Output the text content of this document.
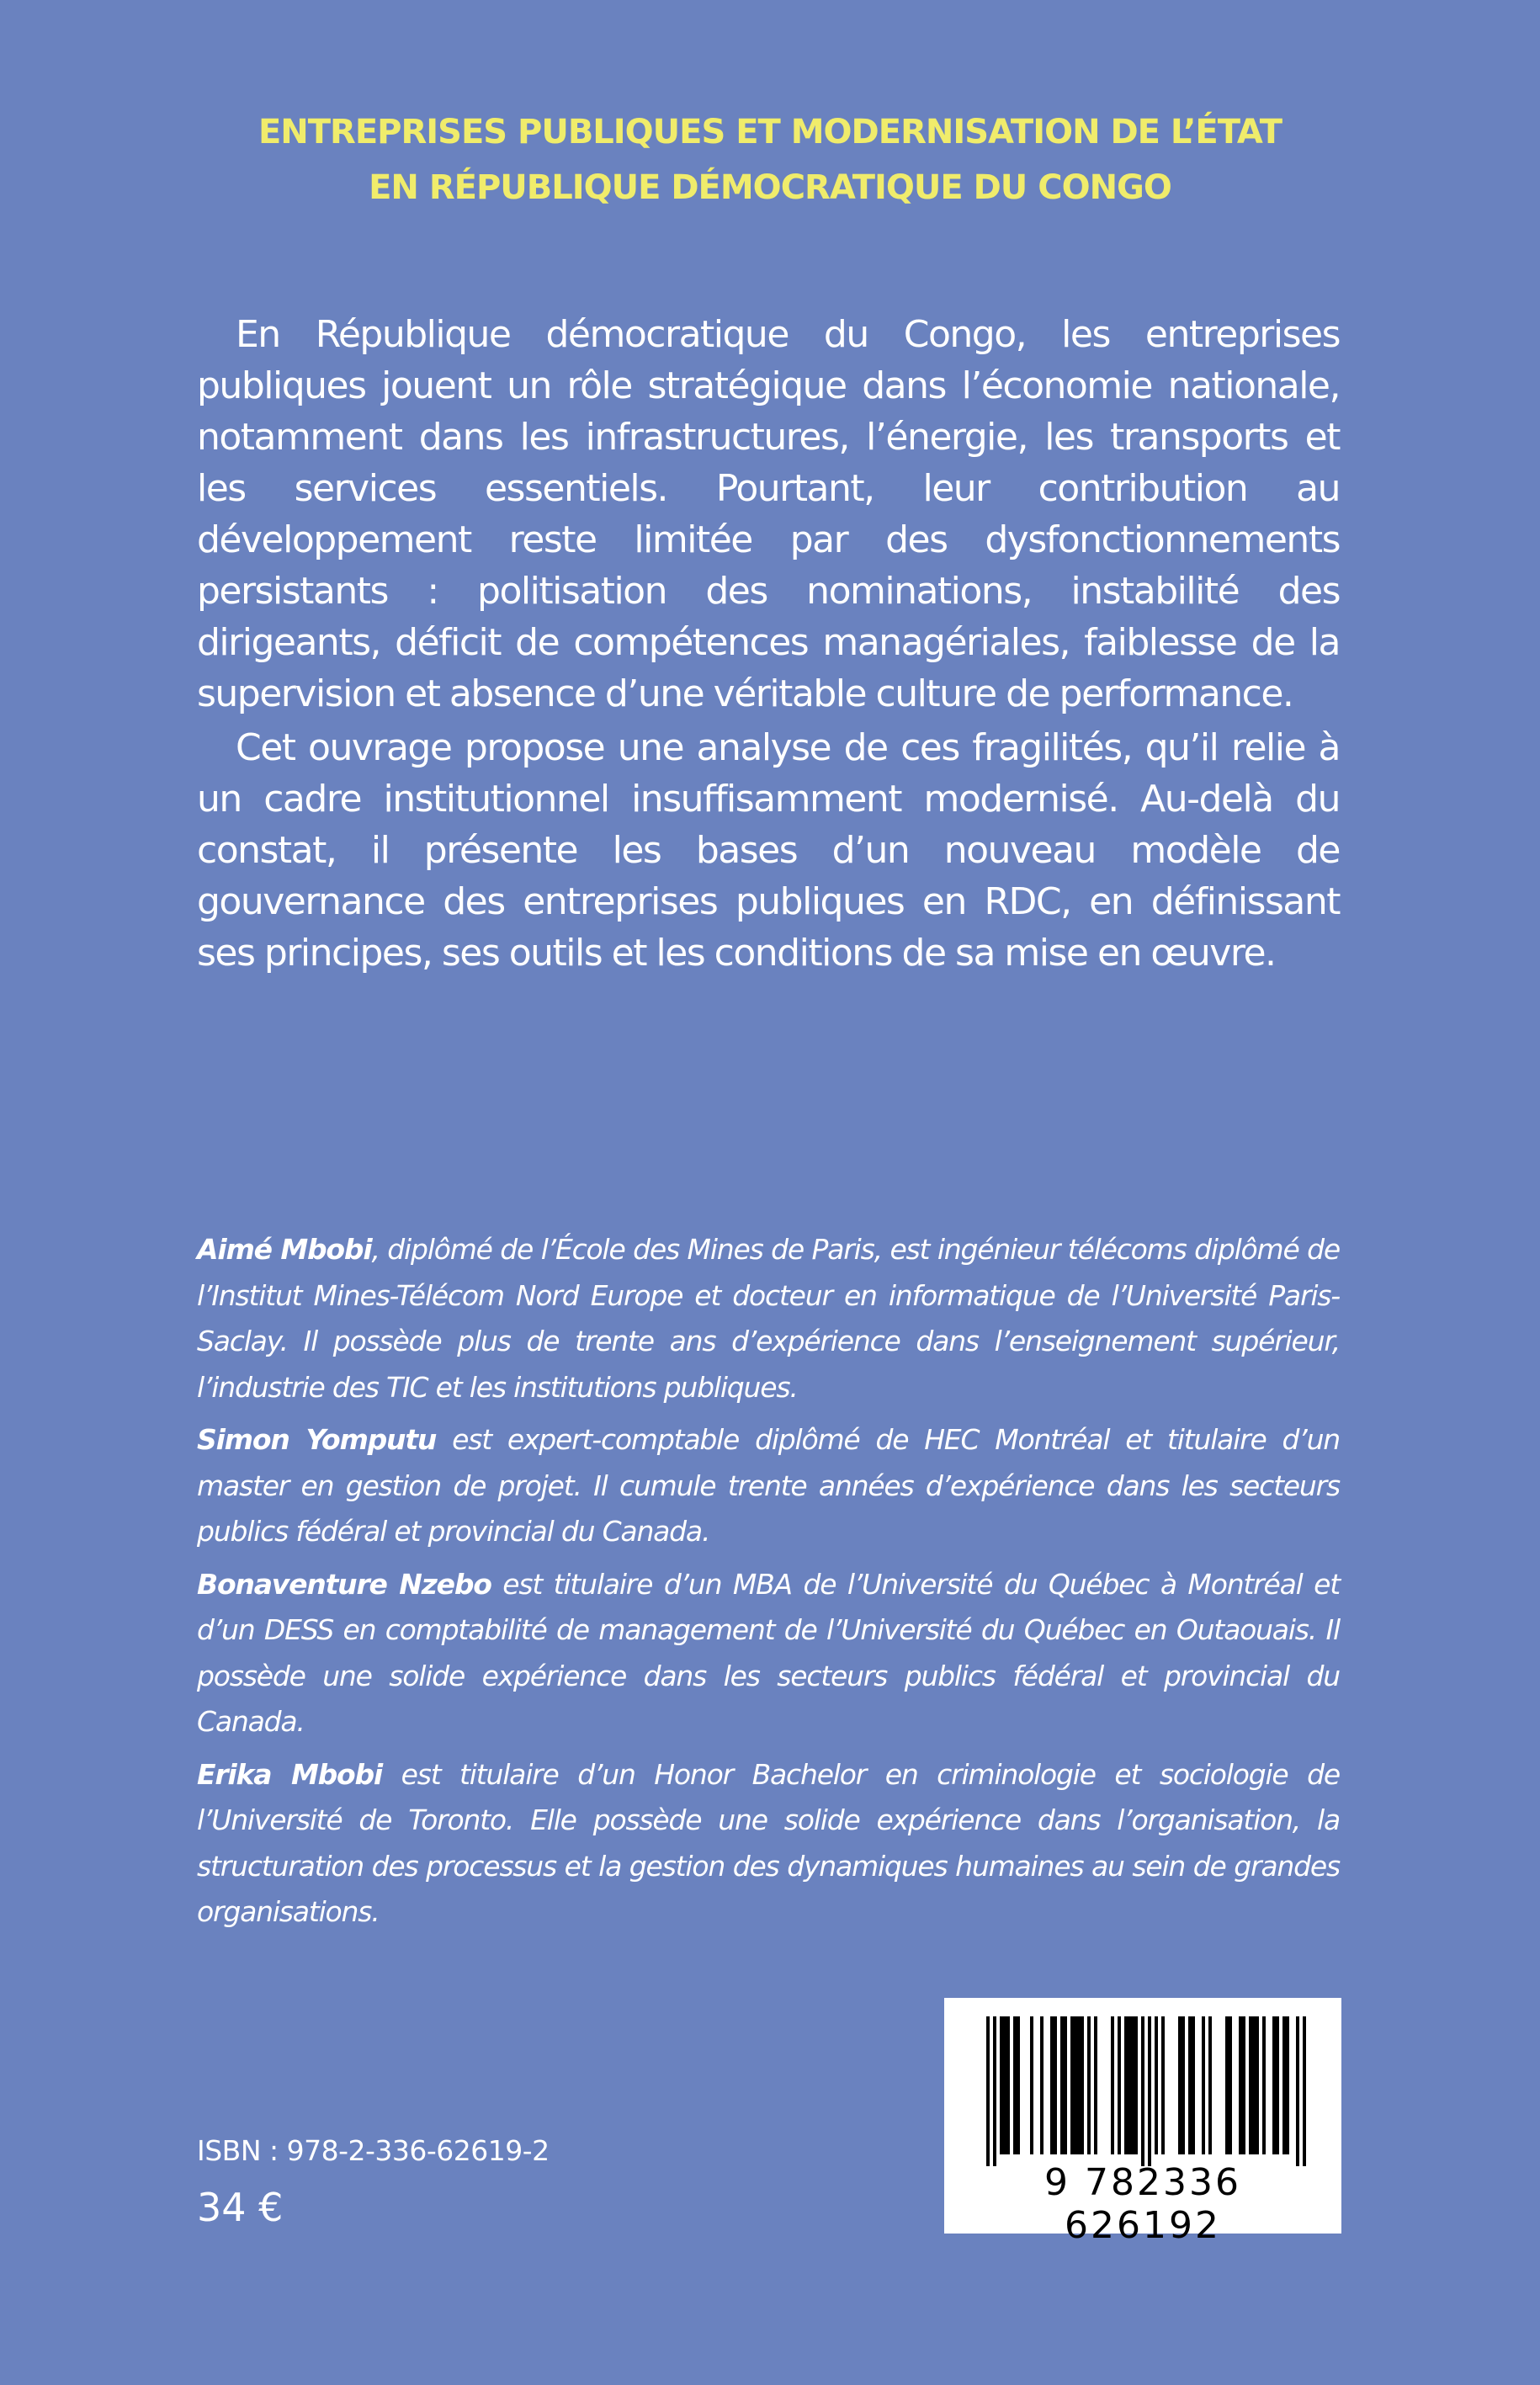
ENTREPRISES PUBLIQUES ET MODERNISATION DE L’ÉTAT
EN RÉPUBLIQUE DÉMOCRATIQUE DU CONGO

En République démocratique du Congo, les entreprises publiques jouent un rôle stratégique dans l’économie nationale, notamment dans les infrastructures, l’énergie, les transports et les services essentiels. Pourtant, leur contribution au développement reste limitée par des dysfonctionnements persistants : politisation des nominations, instabilité des dirigeants, déficit de compétences managériales, faiblesse de la supervision et absence d’une véritable culture de performance.

Cet ouvrage propose une analyse de ces fragilités, qu’il relie à un cadre institutionnel insuffisamment modernisé. Au-delà du constat, il présente les bases d’un nouveau modèle de gouvernance des entreprises publiques en RDC, en définissant ses principes, ses outils et les conditions de sa mise en œuvre.

Aimé Mbobi, diplômé de l’École des Mines de Paris, est ingénieur télécoms diplômé de l’Institut Mines-Télécom Nord Europe et docteur en informatique de l’Université Paris-Saclay. Il possède plus de trente ans d’expérience dans l’enseignement supérieur, l’industrie des TIC et les institutions publiques.

Simon Yomputu est expert-comptable diplômé de HEC Montréal et titulaire d’un master en gestion de projet. Il cumule trente années d’expérience dans les secteurs publics fédéral et provincial du Canada.

Bonaventure Nzebo est titulaire d’un MBA de l’Université du Québec à Montréal et d’un DESS en comptabilité de management de l’Université du Québec en Outaouais. Il possède une solide expérience dans les secteurs publics fédéral et provincial du Canada.

Erika Mbobi est titulaire d’un Honor Bachelor en criminologie et sociologie de l’Université de Toronto. Elle possède une solide expérience dans l’organisation, la structuration des processus et la gestion des dynamiques humaines au sein de grandes organisations.

ISBN : 978-2-336-62619-2
34 €
9 782336 626192
